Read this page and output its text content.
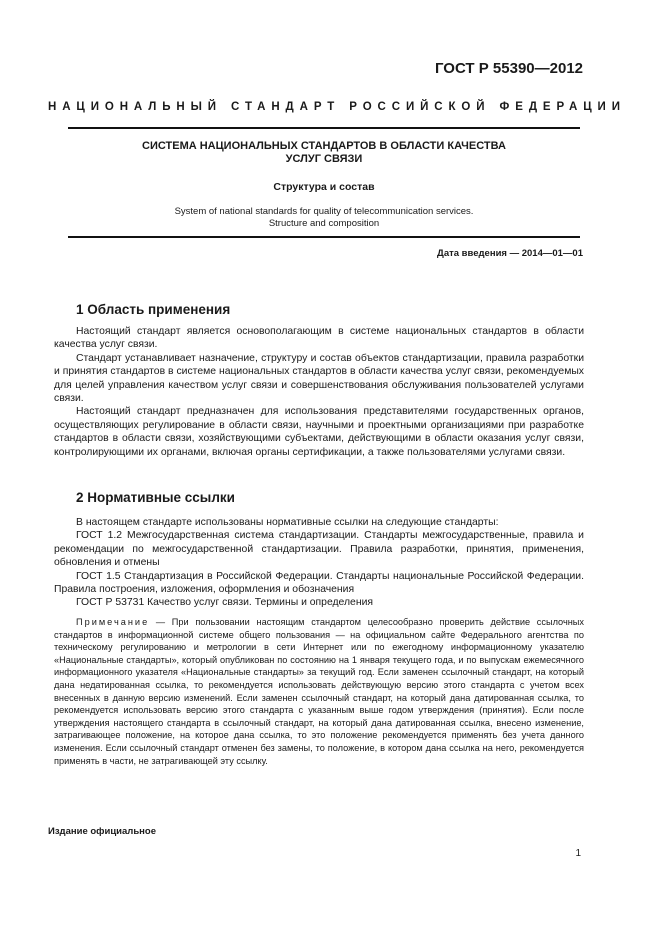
ГОСТ Р 55390—2012
НАЦИОНАЛЬНЫЙ СТАНДАРТ РОССИЙСКОЙ ФЕДЕРАЦИИ
СИСТЕМА НАЦИОНАЛЬНЫХ СТАНДАРТОВ В ОБЛАСТИ КАЧЕСТВА
УСЛУГ СВЯЗИ
Структура и состав
System of national standards for quality of telecommunication services.
Structure and composition
Дата введения — 2014—01—01
1 Область применения

Настоящий стандарт является основополагающим в системе национальных стандартов в области качества услуг связи.

Стандарт устанавливает назначение, структуру и состав объектов стандартизации, правила разработки и принятия стандартов в системе национальных стандартов в области качества услуг связи, рекомендуемых для целей управления качеством услуг связи и совершенствования обслуживания пользователей услугами связи.

Настоящий стандарт предназначен для использования представителями государственных органов, осуществляющих регулирование в области связи, научными и проектными организациями при разработке стандартов в области связи, хозяйствующими субъектами, действующими в области оказания услуг связи, контролирующими их органами, включая органы сертификации, а также пользователями услугами связи.

2 Нормативные ссылки

В настоящем стандарте использованы нормативные ссылки на следующие стандарты:

ГОСТ 1.2 Межгосударственная система стандартизации. Стандарты межгосударственные, правила и рекомендации по межгосударственной стандартизации. Правила разработки, принятия, применения, обновления и отмены

ГОСТ 1.5 Стандартизация в Российской Федерации. Стандарты национальные Российской Федерации. Правила построения, изложения, оформления и обозначения

ГОСТ Р 53731 Качество услуг связи. Термины и определения

Примечание — При пользовании настоящим стандартом целесообразно проверить действие ссылочных стандартов в информационной системе общего пользования — на официальном сайте Федерального агентства по техническому регулированию и метрологии в сети Интернет или по ежегодному информационному указателю «Национальные стандарты», который опубликован по состоянию на 1 января текущего года, и по выпускам ежемесячного информационного указателя «Национальные стандарты» за текущий год. Если заменен ссылочный стандарт, на который дана недатированная ссылка, то рекомендуется использовать действующую версию этого стандарта с учетом всех внесенных в данную версию изменений. Если заменен ссылочный стандарт, на который дана датированная ссылка, то рекомендуется использовать версию этого стандарта с указанным выше годом утверждения (принятия). Если после утверждения настоящего стандарта в ссылочный стандарт, на который дана датированная ссылка, внесено изменение, затрагивающее положение, на которое дана ссылка, то это положение рекомендуется применять без учета данного изменения. Если ссылочный стандарт отменен без замены, то положение, в котором дана ссылка на него, рекомендуется применять в части, не затрагивающей эту ссылку.
Издание официальное
1
